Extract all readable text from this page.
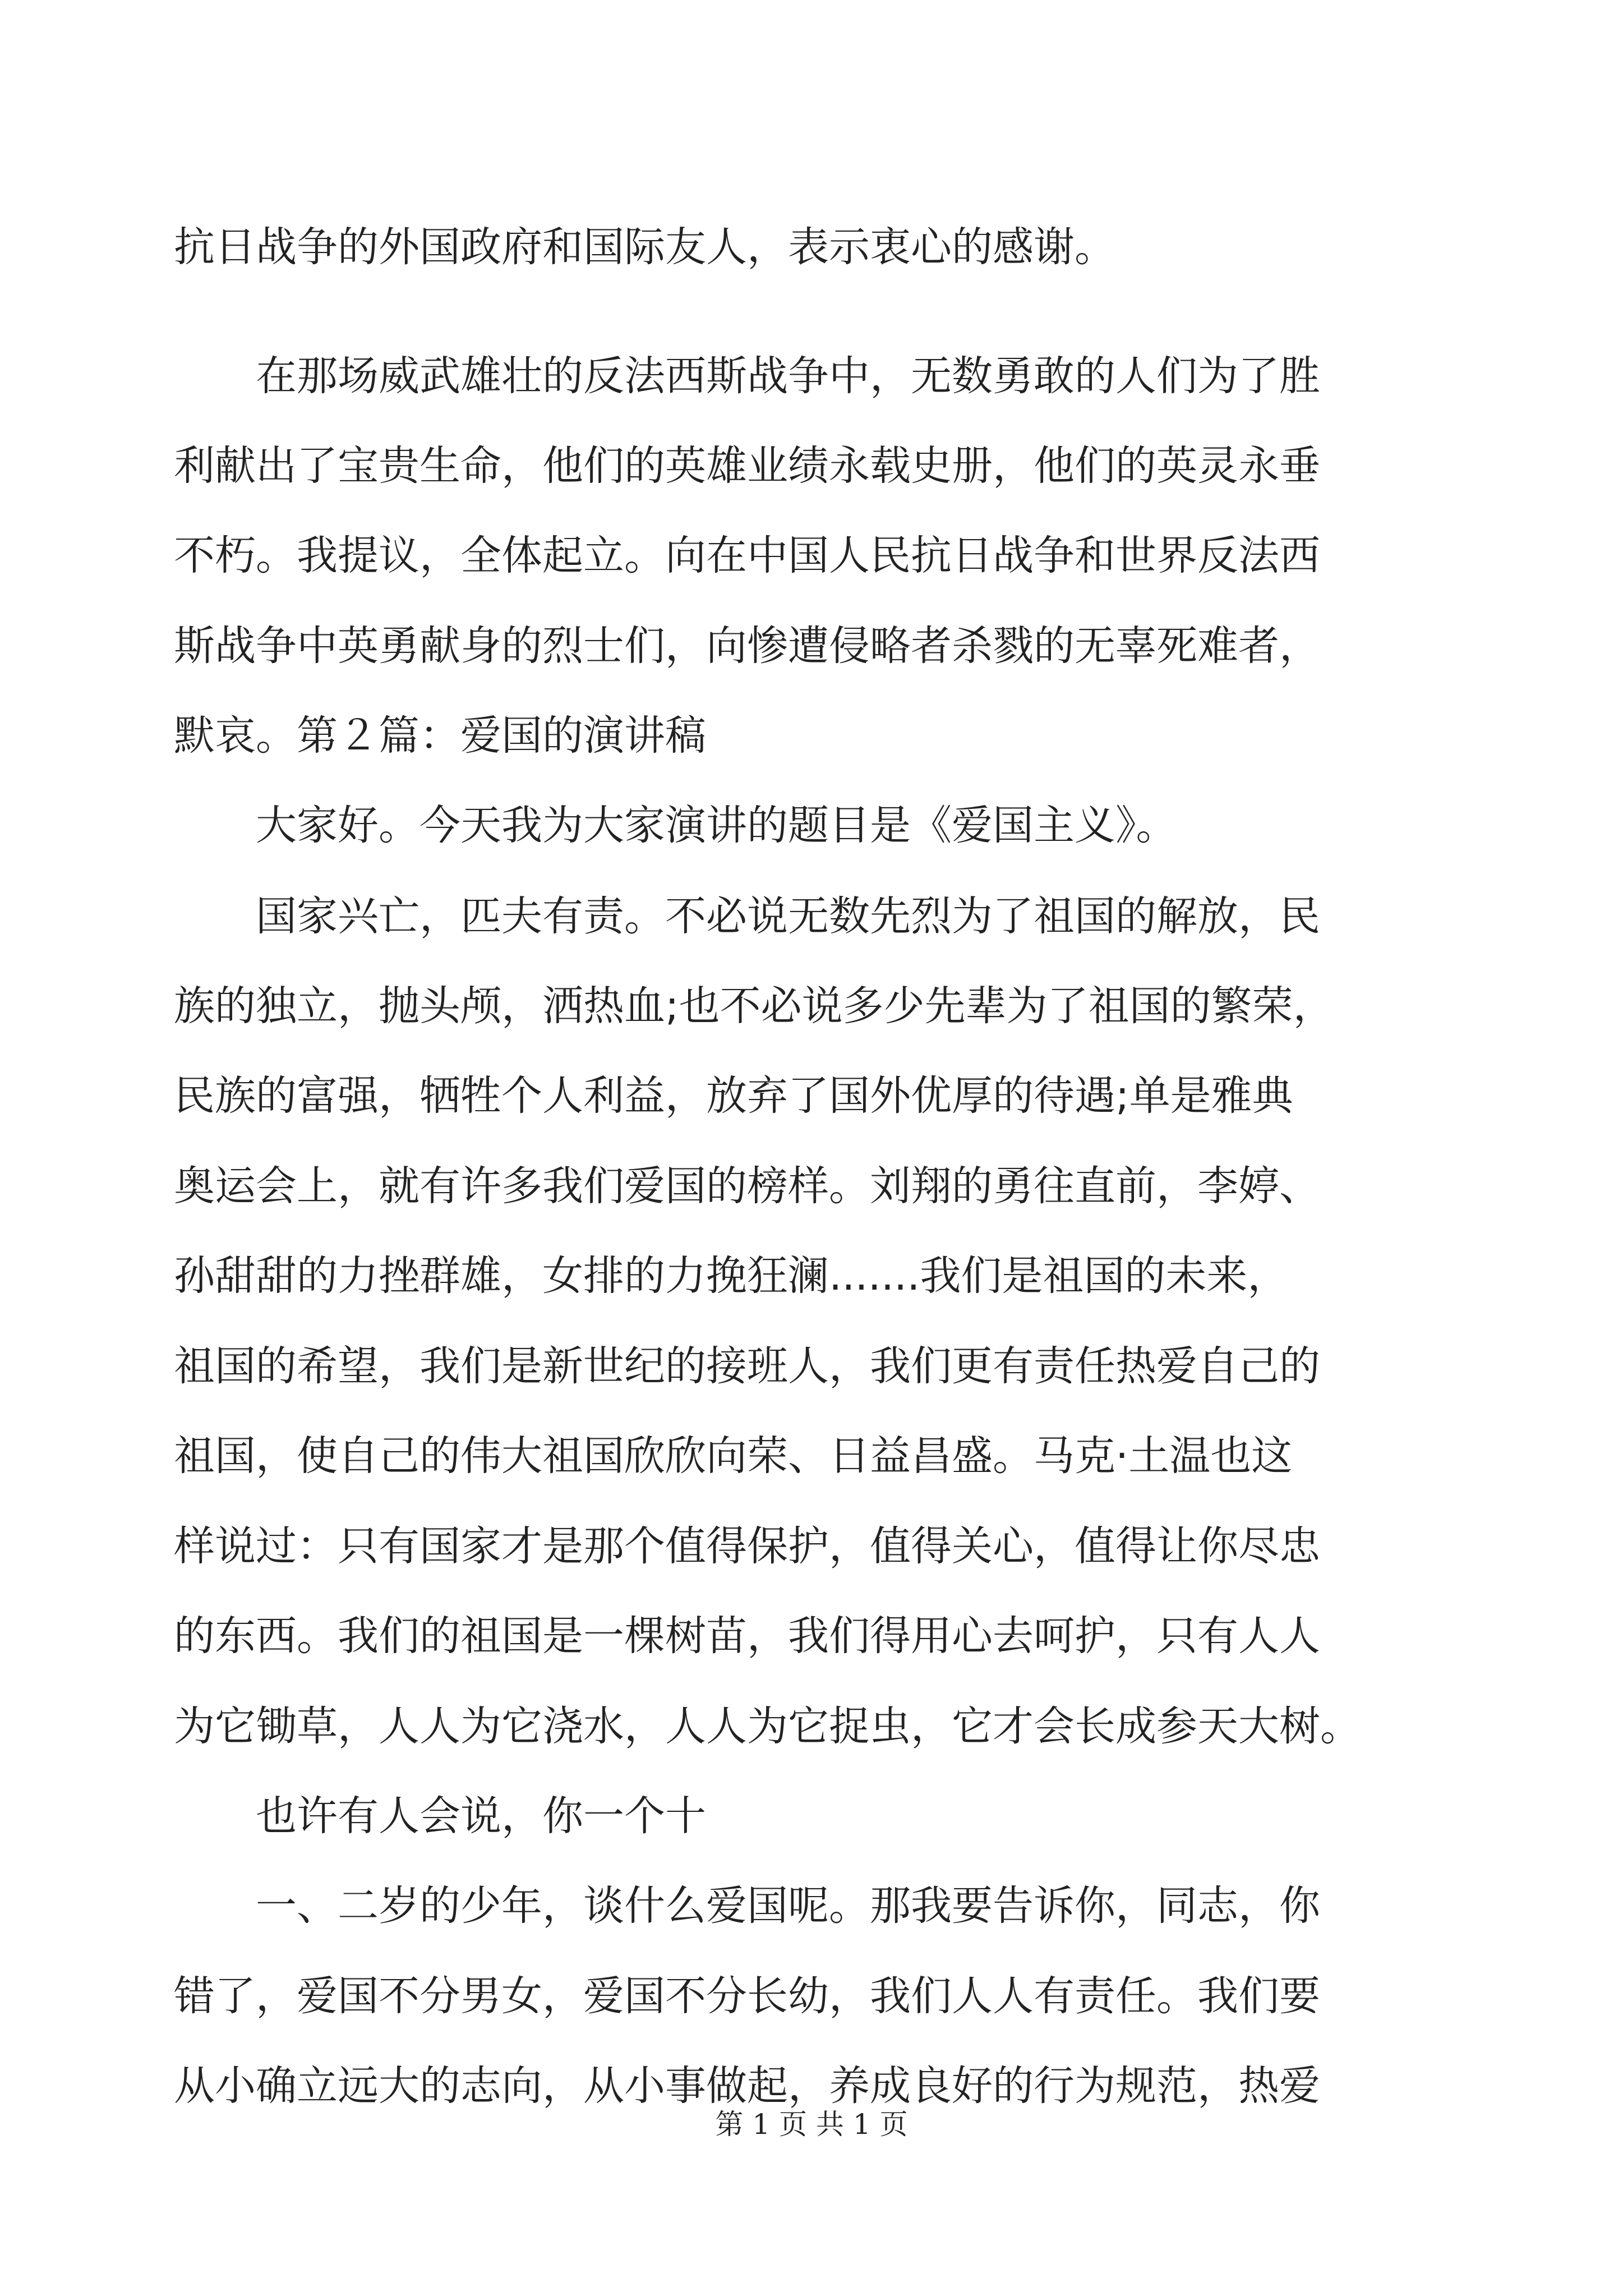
抗日战争的外国政府和国际友人，表示衷心的感谢。

　　在那场威武雄壮的反法西斯战争中，无数勇敢的人们为了胜

利献出了宝贵生命，他们的英雄业绩永载史册，他们的英灵永垂

不朽。我提议，全体起立。向在中国人民抗日战争和世界反法西

斯战争中英勇献身的烈士们，向惨遭侵略者杀戮的无辜死难者，

默哀。第２篇：爱国的演讲稿

　　大家好。今天我为大家演讲的题目是《爱国主义》。

　　国家兴亡，匹夫有责。不必说无数先烈为了祖国的解放，民

族的独立，抛头颅，洒热血;也不必说多少先辈为了祖国的繁荣，

民族的富强，牺牲个人利益，放弃了国外优厚的待遇;单是雅典

奥运会上，就有许多我们爱国的榜样。刘翔的勇往直前，李婷、

孙甜甜的力挫群雄，女排的力挽狂澜.......我们是祖国的未来，

祖国的希望，我们是新世纪的接班人，我们更有责任热爱自己的

祖国，使自己的伟大祖国欣欣向荣、日益昌盛。马克·土温也这

样说过：只有国家才是那个值得保护，值得关心，值得让你尽忠

的东西。我们的祖国是一棵树苗，我们得用心去呵护，只有人人

为它锄草，人人为它浇水，人人为它捉虫，它才会长成参天大树。

　　也许有人会说，你一个十

　　一、二岁的少年，谈什么爱国呢。那我要告诉你，同志，你

错了，爱国不分男女，爱国不分长幼，我们人人有责任。我们要

从小确立远大的志向，从小事做起，养成良好的行为规范，热爱

第 1 页 共 1 页
